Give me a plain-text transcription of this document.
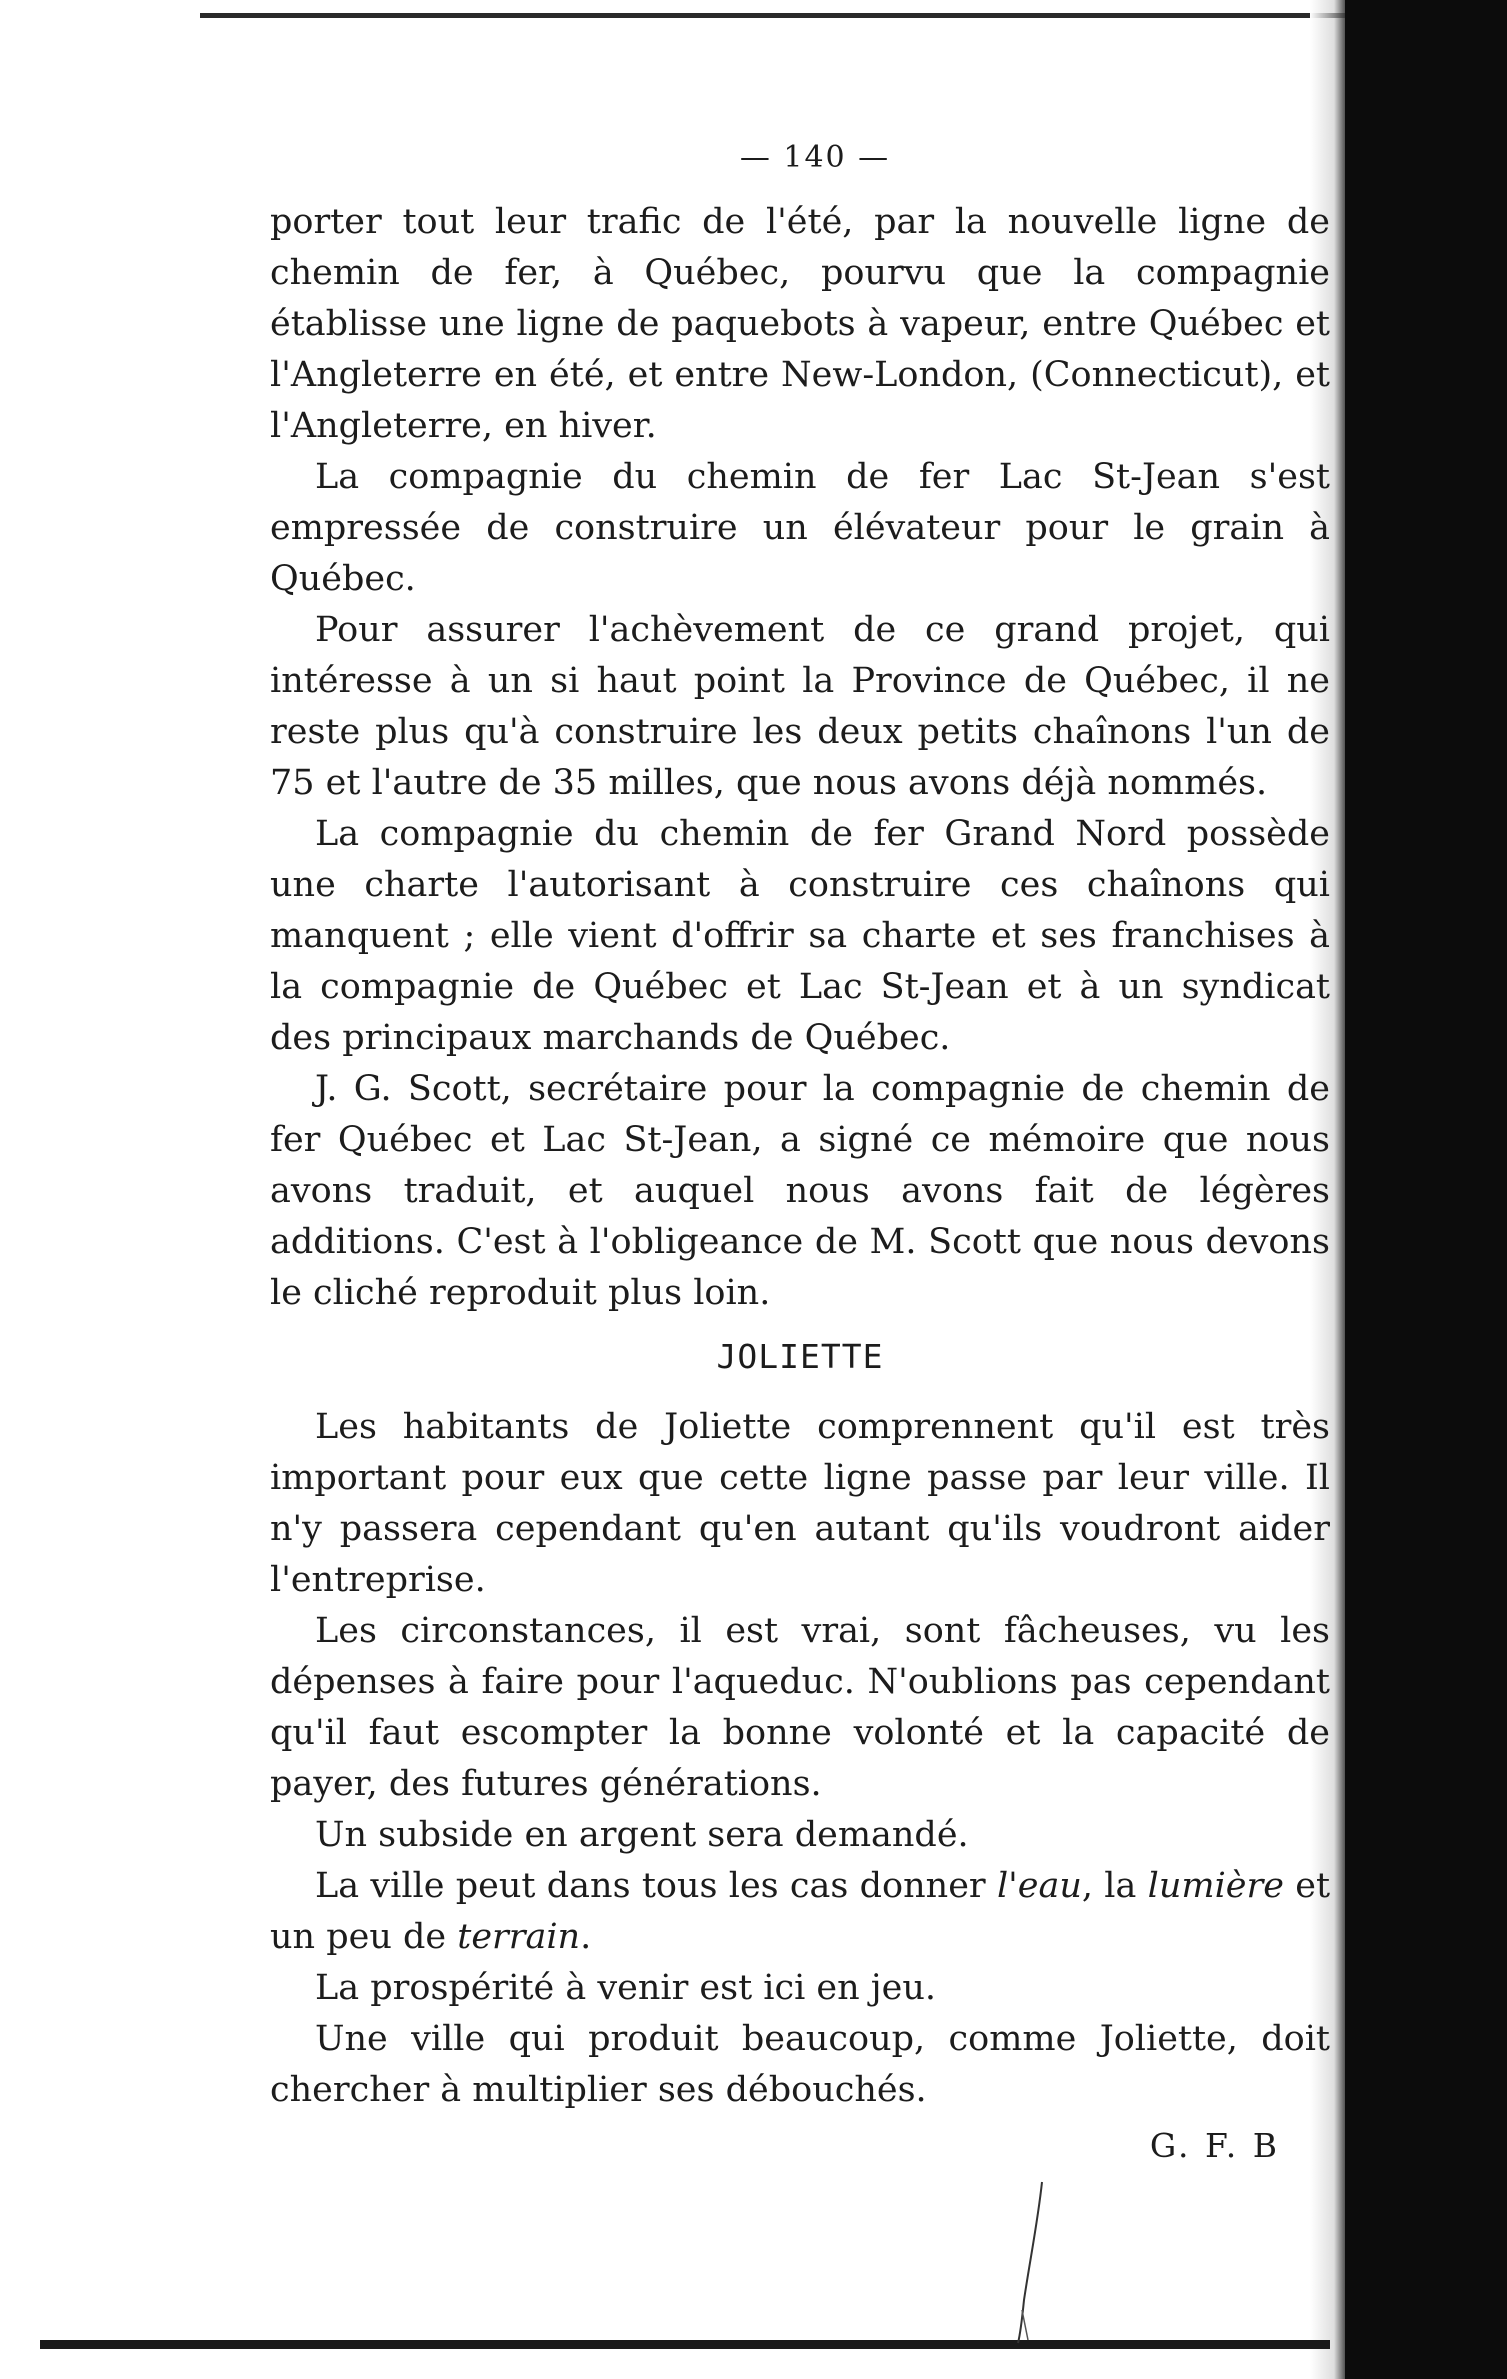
— 140 —

porter tout leur trafic de l'été, par la nouvelle ligne de chemin de fer, à Québec, pourvu que la compagnie établisse une ligne de paquebots à vapeur, entre Québec et l'Angleterre en été, et entre New-London, (Connecticut), et l'Angleterre, en hiver.

La compagnie du chemin de fer Lac St-Jean s'est empressée de construire un élévateur pour le grain à Québec.

Pour assurer l'achèvement de ce grand projet, qui intéresse à un si haut point la Province de Québec, il ne reste plus qu'à construire les deux petits chaînons l'un de 75 et l'autre de 35 milles, que nous avons déjà nommés.

La compagnie du chemin de fer Grand Nord possède une charte l'autorisant à construire ces chaînons qui manquent ; elle vient d'offrir sa charte et ses franchises à la compagnie de Québec et Lac St-Jean et à un syndicat des principaux marchands de Québec.

J. G. Scott, secrétaire pour la compagnie de chemin de fer Québec et Lac St-Jean, a signé ce mémoire que nous avons traduit, et auquel nous avons fait de légères additions. C'est à l'obligeance de M. Scott que nous devons le cliché reproduit plus loin.

JOLIETTE

Les habitants de Joliette comprennent qu'il est très important pour eux que cette ligne passe par leur ville. Il n'y passera cependant qu'en autant qu'ils voudront aider l'entreprise.

Les circonstances, il est vrai, sont fâcheuses, vu les dépenses à faire pour l'aqueduc. N'oublions pas cependant qu'il faut escompter la bonne volonté et la capacité de payer, des futures générations.

Un subside en argent sera demandé.

La ville peut dans tous les cas donner l'eau, la lumière et un peu de terrain.

La prospérité à venir est ici en jeu.

Une ville qui produit beaucoup, comme Joliette, doit chercher à multiplier ses débouchés.

G. F. B
